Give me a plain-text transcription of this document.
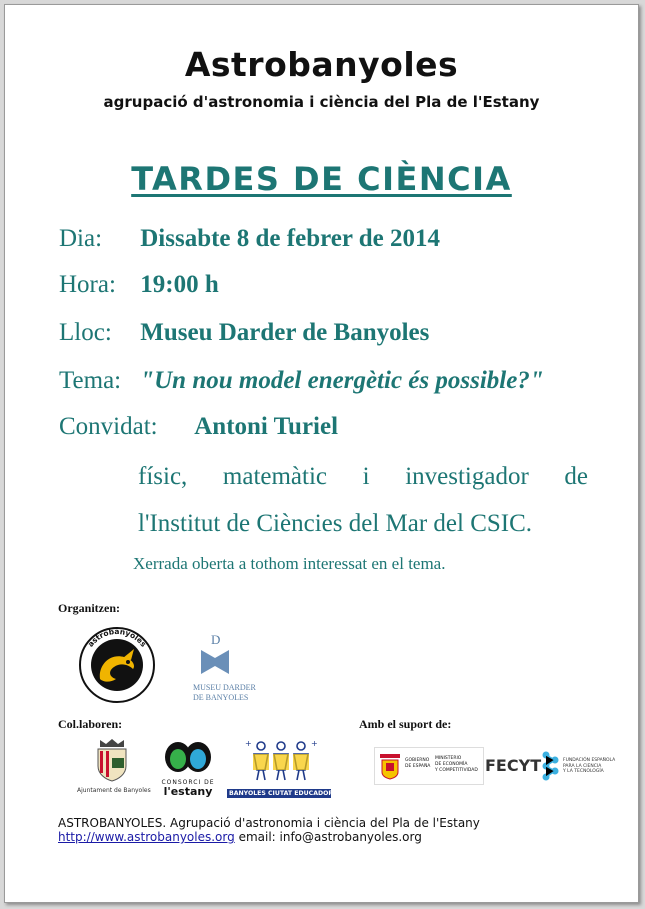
Astrobanyoles
agrupació d'astronomia i ciència del Pla de l'Estany
TARDES DE CIÈNCIA
Dia: Dissabte 8 de febrer de 2014
Hora: 19:00 h
Lloc: Museu Darder de Banyoles
Tema: "Un nou model energètic és possible?"
Convidat: Antoni Turiel
físic, matemàtic i investigador de
l'Institut de Ciències del Mar del CSIC.
Xerrada oberta a tothom interessat en el tema.
Organitzen:
astrobanyoles	D
MUSEU DARDER
DE BANYOLES
Col.laboren:
Ajuntament de Banyoles
CONSORCI DE
l'estany
+	+
BANYOLES CIUTAT EDUCADORA
Amb el suport de:
GOBIERNO
DE ESPAÑA
MINISTERIO
DE ECONOMÍA
Y COMPETITIVIDAD FECYT	FUNDACIÓN ESPAÑOLA
PARA LA CIENCIA
Y LA TECNOLOGÍA
ASTROBANYOLES. Agrupació d'astronomia i ciència del Pla de l'Estany
http://www.astrobanyoles.org email: info@astrobanyoles.org
